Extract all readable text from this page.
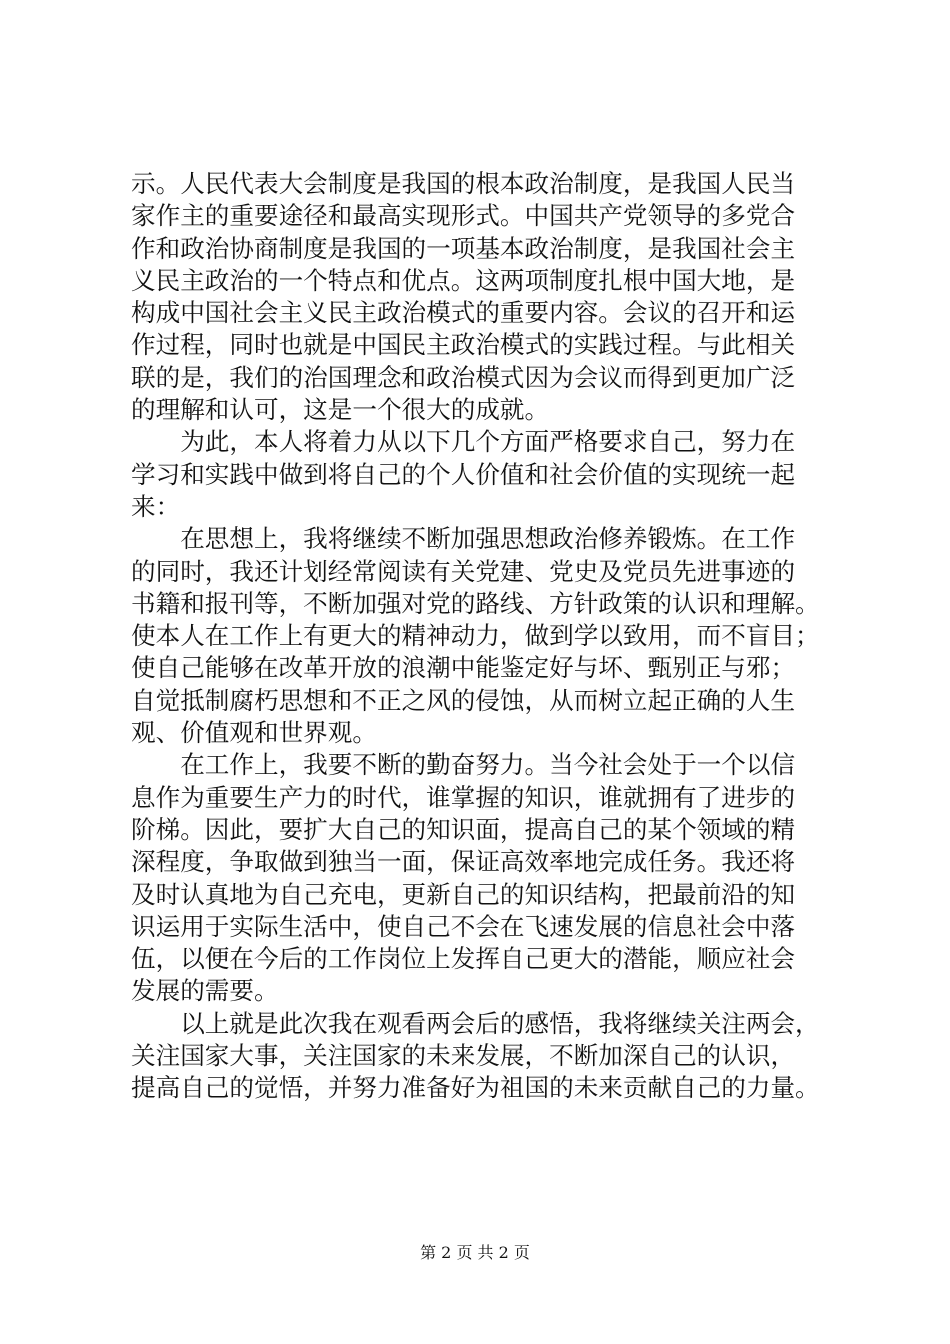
示。人民代表大会制度是我国的根本政治制度，是我国人民当
家作主的重要途径和最高实现形式。中国共产党领导的多党合
作和政治协商制度是我国的一项基本政治制度，是我国社会主
义民主政治的一个特点和优点。这两项制度扎根中国大地，是
构成中国社会主义民主政治模式的重要内容。会议的召开和运
作过程，同时也就是中国民主政治模式的实践过程。与此相关
联的是，我们的治国理念和政治模式因为会议而得到更加广泛
的理解和认可，这是一个很大的成就。
　　为此，本人将着力从以下几个方面严格要求自己，努力在
学习和实践中做到将自己的个人价值和社会价值的实现统一起
来：
　　在思想上，我将继续不断加强思想政治修养锻炼。在工作
的同时，我还计划经常阅读有关党建、党史及党员先进事迹的
书籍和报刊等，不断加强对党的路线、方针政策的认识和理解。
使本人在工作上有更大的精神动力，做到学以致用，而不盲目；
使自己能够在改革开放的浪潮中能鉴定好与坏、甄别正与邪；
自觉抵制腐朽思想和不正之风的侵蚀，从而树立起正确的人生
观、价值观和世界观。
　　在工作上，我要不断的勤奋努力。当今社会处于一个以信
息作为重要生产力的时代，谁掌握的知识，谁就拥有了进步的
阶梯。因此，要扩大自己的知识面，提高自己的某个领域的精
深程度，争取做到独当一面，保证高效率地完成任务。我还将
及时认真地为自己充电，更新自己的知识结构，把最前沿的知
识运用于实际生活中，使自己不会在飞速发展的信息社会中落
伍，以便在今后的工作岗位上发挥自己更大的潜能，顺应社会
发展的需要。
　　以上就是此次我在观看两会后的感悟，我将继续关注两会，
关注国家大事，关注国家的未来发展，不断加深自己的认识，
提高自己的觉悟，并努力准备好为祖国的未来贡献自己的力量。
第 2 页 共 2 页
